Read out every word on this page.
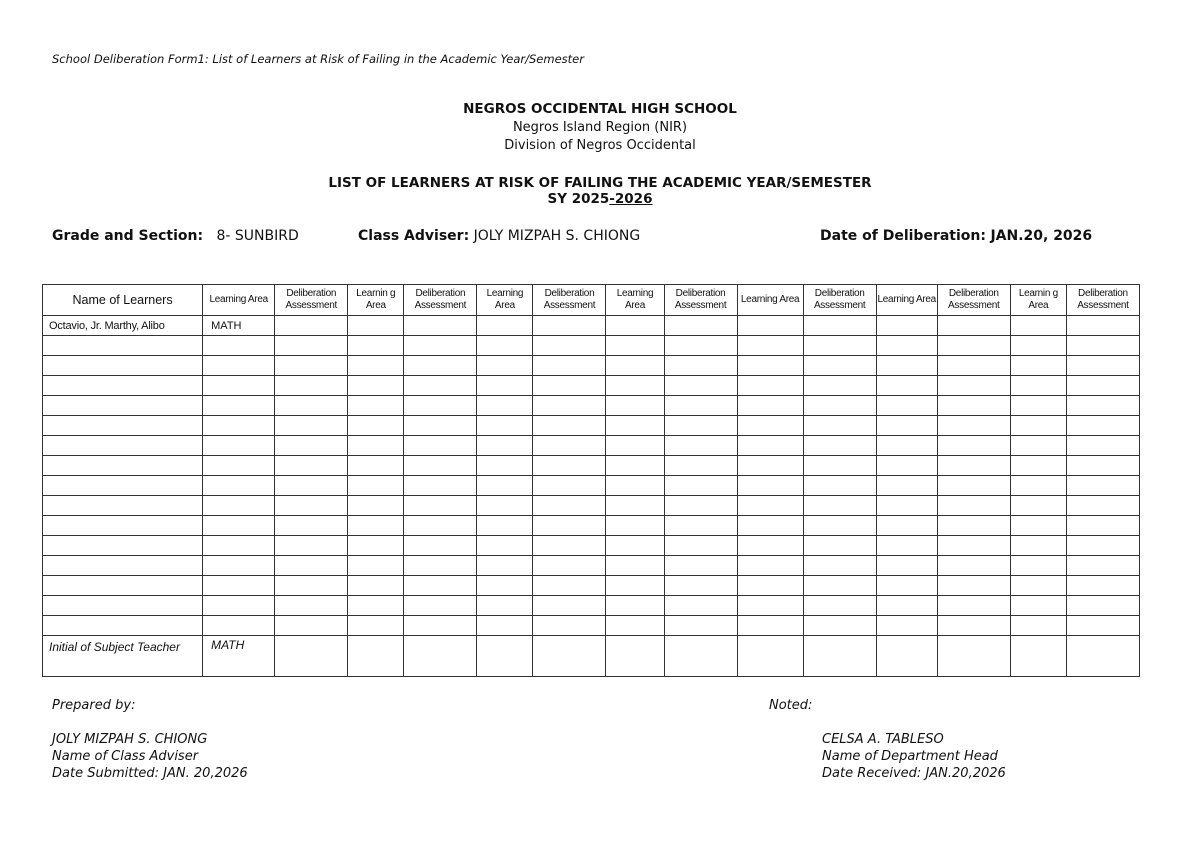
School Deliberation Form1: List of Learners at Risk of Failing in the Academic Year/Semester
NEGROS OCCIDENTAL HIGH SCHOOL
Negros Island Region (NIR)
Division of Negros Occidental
LIST OF LEARNERS AT RISK OF FAILING THE ACADEMIC YEAR/SEMESTER
SY 2025-2026
Grade and Section: 8- SUNBIRD	Class Adviser: JOLY MIZPAH S. CHIONG	Date of Deliberation: JAN.20, 2026
Name of Learners	Learning Area	Deliberation Assessment	Learnin g Area	Deliberation Assessment	Learning Area	Deliberation Assessment	Learning Area	Deliberation Assessment	Learning Area	Deliberation Assessment	Learning Area	Deliberation Assessment	Learnin g Area	Deliberation Assessment
Octavio, Jr. Marthy, Alibo	MATH													

Initial of Subject Teacher	MATH													
Prepared by:
JOLY MIZPAH S. CHIONG
Name of Class Adviser
Date Submitted: JAN. 20,2026
Noted:
CELSA A. TABLESO
Name of Department Head
Date Received: JAN.20,2026
